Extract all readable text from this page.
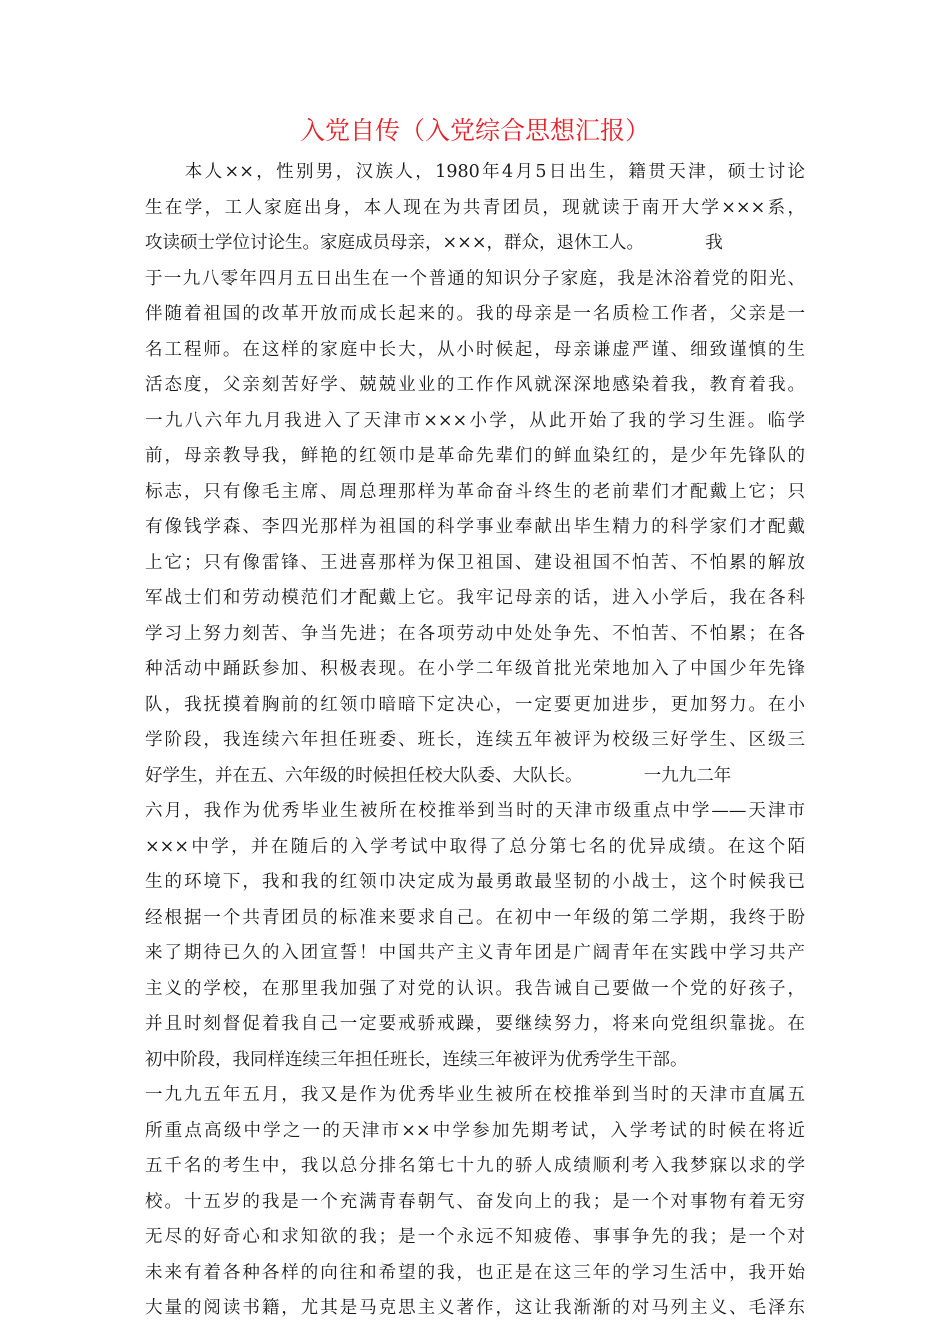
入党自传（入党综合思想汇报）
　　本人××，性别男，汉族人，1980年4月5日出生，籍贯天津，硕士讨论
生在学，工人家庭出身，本人现在为共青团员，现就读于南开大学×××系，
攻读硕士学位讨论生。家庭成员母亲，×××，群众，退休工人。　　　　我
于一九八零年四月五日出生在一个普通的知识分子家庭，我是沐浴着党的阳光、
伴随着祖国的改革开放而成长起来的。我的母亲是一名质检工作者，父亲是一
名工程师。在这样的家庭中长大，从小时候起，母亲谦虚严谨、细致谨慎的生
活态度，父亲刻苦好学、兢兢业业的工作作风就深深地感染着我，教育着我。
一九八六年九月我进入了天津市×××小学，从此开始了我的学习生涯。临学
前，母亲教导我，鲜艳的红领巾是革命先辈们的鲜血染红的，是少年先锋队的
标志，只有像毛主席、周总理那样为革命奋斗终生的老前辈们才配戴上它；只
有像钱学森、李四光那样为祖国的科学事业奉献出毕生精力的科学家们才配戴
上它；只有像雷锋、王进喜那样为保卫祖国、建设祖国不怕苦、不怕累的解放
军战士们和劳动模范们才配戴上它。我牢记母亲的话，进入小学后，我在各科
学习上努力刻苦、争当先进；在各项劳动中处处争先、不怕苦、不怕累；在各
种活动中踊跃参加、积极表现。在小学二年级首批光荣地加入了中国少年先锋
队，我抚摸着胸前的红领巾暗暗下定决心，一定要更加进步，更加努力。在小
学阶段，我连续六年担任班委、班长，连续五年被评为校级三好学生、区级三
好学生，并在五、六年级的时候担任校大队委、大队长。　　　　一九九二年
六月，我作为优秀毕业生被所在校推举到当时的天津市级重点中学——天津市
×××中学，并在随后的入学考试中取得了总分第七名的优异成绩。在这个陌
生的环境下，我和我的红领巾决定成为最勇敢最坚韧的小战士，这个时候我已
经根据一个共青团员的标准来要求自己。在初中一年级的第二学期，我终于盼
来了期待已久的入团宣誓！中国共产主义青年团是广阔青年在实践中学习共产
主义的学校，在那里我加强了对党的认识。我告诫自己要做一个党的好孩子，
并且时刻督促着我自己一定要戒骄戒躁，要继续努力，将来向党组织靠拢。在
初中阶段，我同样连续三年担任班长，连续三年被评为优秀学生干部。
一九九五年五月，我又是作为优秀毕业生被所在校推举到当时的天津市直属五
所重点高级中学之一的天津市××中学参加先期考试，入学考试的时候在将近
五千名的考生中，我以总分排名第七十九的骄人成绩顺利考入我梦寐以求的学
校。十五岁的我是一个充满青春朝气、奋发向上的我；是一个对事物有着无穷
无尽的好奇心和求知欲的我；是一个永远不知疲倦、事事争先的我；是一个对
未来有着各种各样的向往和希望的我，也正是在这三年的学习生活中，我开始
大量的阅读书籍，尤其是马克思主义著作，这让我渐渐的对马列主义、毛泽东
